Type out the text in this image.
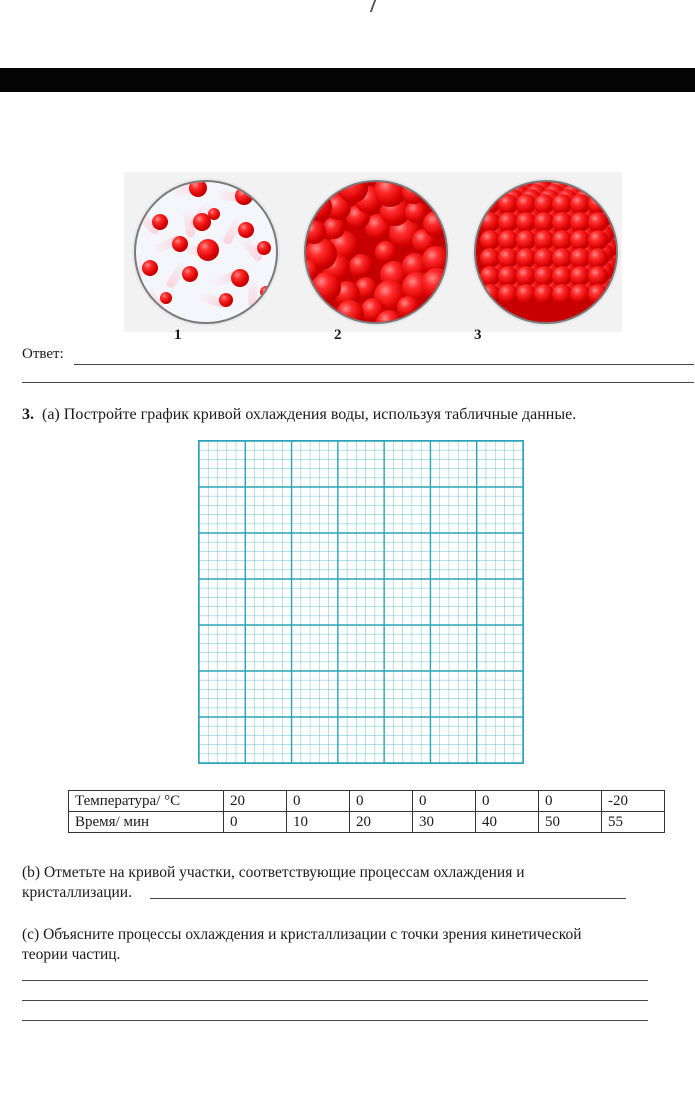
1	2	3
Ответ:
3. (a) Постройте график кривой охлаждения воды, используя табличные данные.
Температура/ °С	20	0	0	0	0	0	-20
Время/ мин	0	10	20	30	40	50	55
(b) Отметьте на кривой участки, соответствующие процессам охлаждения и
кристаллизации.
(c) Объясните процессы охлаждения и кристаллизации с точки зрения кинетической
теории частиц.
